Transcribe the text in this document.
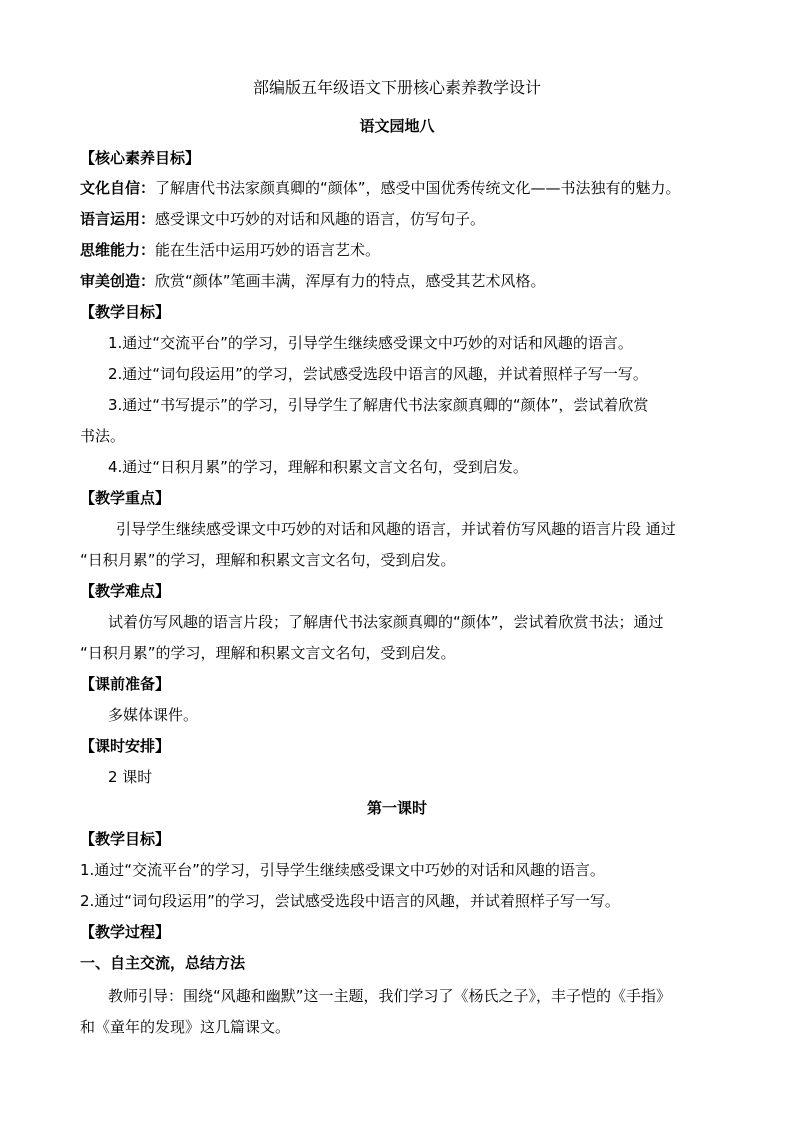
部编版五年级语文下册核心素养教学设计
语文园地八
【核心素养目标】
文化自信：了解唐代书法家颜真卿的“颜体”，感受中国优秀传统文化——书法独有的魅力。
语言运用：感受课文中巧妙的对话和风趣的语言，仿写句子。
思维能力：能在生活中运用巧妙的语言艺术。
审美创造：欣赏“颜体”笔画丰满，浑厚有力的特点，感受其艺术风格。
【教学目标】
1.通过“交流平台”的学习，引导学生继续感受课文中巧妙的对话和风趣的语言。
2.通过“词句段运用”的学习，尝试感受选段中语言的风趣，并试着照样子写一写。
3.通过“书写提示”的学习，引导学生了解唐代书法家颜真卿的“颜体”，尝试着欣赏
书法。
4.通过“日积月累”的学习，理解和积累文言文名句，受到启发。
【教学重点】
引导学生继续感受课文中巧妙的对话和风趣的语言，并试着仿写风趣的语言片段 通过
“日积月累”的学习，理解和积累文言文名句，受到启发。
【教学难点】
试着仿写风趣的语言片段；了解唐代书法家颜真卿的“颜体”，尝试着欣赏书法；通过
“日积月累”的学习，理解和积累文言文名句，受到启发。
【课前准备】
多媒体课件。
【课时安排】
2 课时
第一课时
【教学目标】
1.通过“交流平台”的学习，引导学生继续感受课文中巧妙的对话和风趣的语言。
2.通过“词句段运用”的学习，尝试感受选段中语言的风趣，并试着照样子写一写。
【教学过程】
一、自主交流，总结方法
教师引导：围绕“风趣和幽默”这一主题，我们学习了《杨氏之子》，丰子恺的《手指》
和《童年的发现》这几篇课文。
